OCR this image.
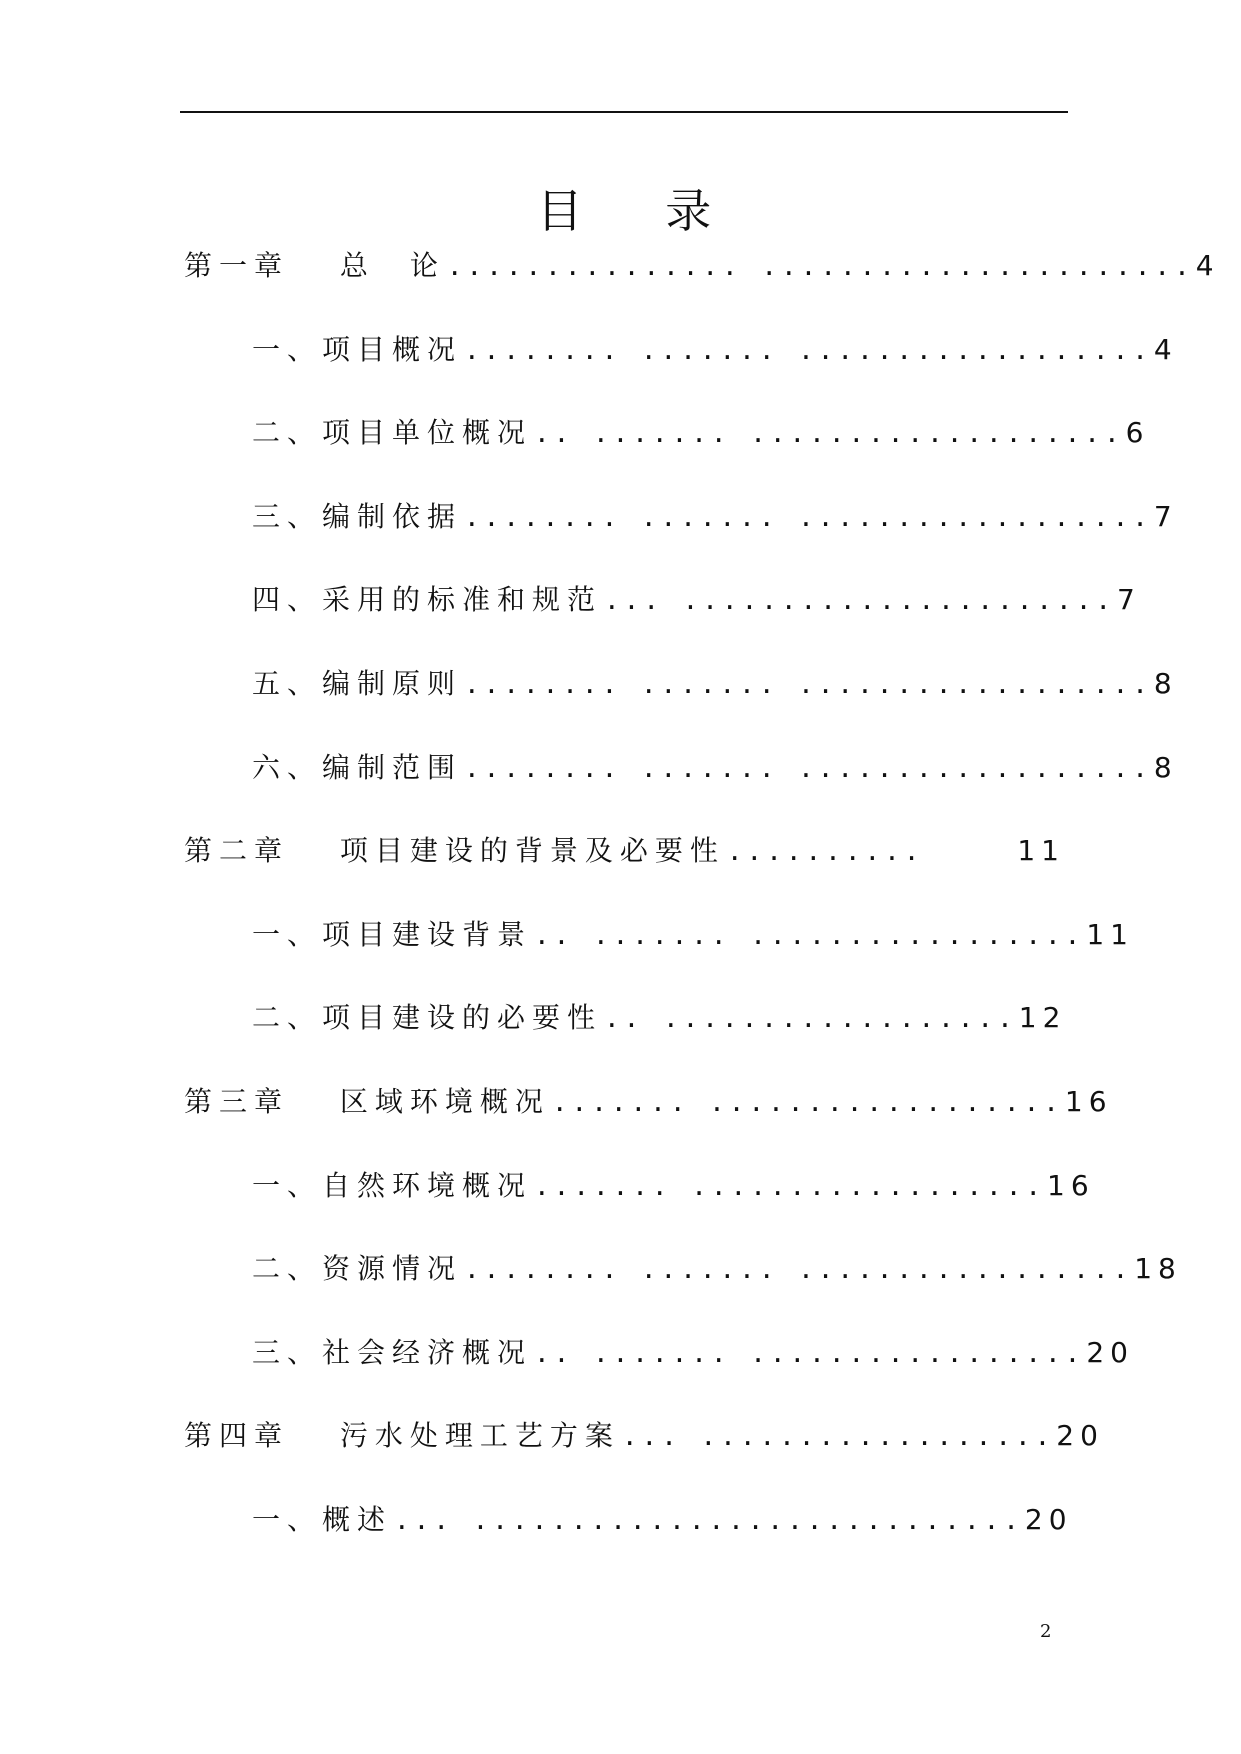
目 录
第一章　 总　论 ............... ...................... 4
一、项目概况 ........ ....... .................. 4
二、项目单位概况 .. ....... ................... 6
三、编制依据 ........ ....... .................. 7
四、采用的标准和规范 ... ...................... 7
五、编制原则 ........ ....... .................. 8
六、编制范围 ........ ....... .................. 8
第二章　 项目建设的背景及必要性 ..........	11
一、项目建设背景 .. ....... ................. 11
二、项目建设的必要性 .. .................. 12
第三章　 区域环境概况 ....... .................. 16
一、自然环境概况 ....... .................. 16
二、资源情况 ........ ....... ................. 18
三、社会经济概况 .. ....... ................. 20
第四章　 污水处理工艺方案 ... .................. 20
一、概述 ... ............................ 20
2
